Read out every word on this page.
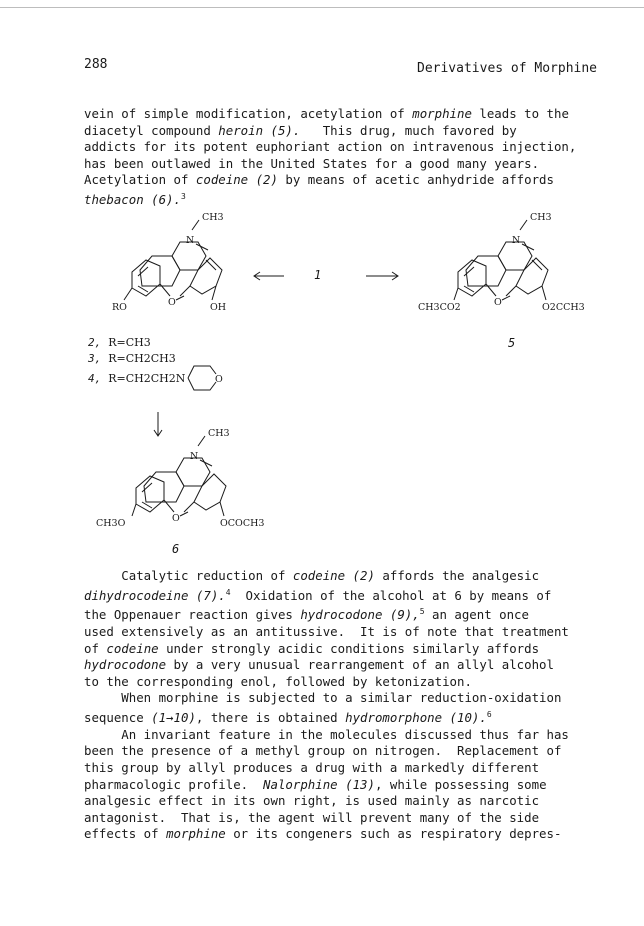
288	Derivatives of Morphine

vein of simple modification, acetylation of morphine leads to the
diacetyl compound heroin (5).   This drug, much favored by
addicts for its potent euphoriant action on intravenous injection,
has been outlawed in the United States for a good many years.
Acetylation of codeine (2) by means of acetic anhydride affords
thebacon (6).$^3$

CH3
N
O
RO	OH
1
CH3
N
O
CH3CO2	O2CCH3
5
2, R=CH3
3, R=CH2CH3
4, R=CH2CH2N	O
CH3
N
O
CH3O	OCOCH3
6

Catalytic reduction of codeine (2) affords the analgesic
dihydrocodeine (7).$^4$  Oxidation of the alcohol at 6 by means of
the Oppenauer reaction gives hydrocodone (9),$^5$ an agent once
used extensively as an antitussive.  It is of note that treatment
of codeine under strongly acidic conditions similarly affords
hydrocodone by a very unusual rearrangement of an allyl alcohol
to the corresponding enol, followed by ketonization.
When morphine is subjected to a similar reduction-oxidation
sequence (1→10), there is obtained hydromorphone (10).$^6$
An invariant feature in the molecules discussed thus far has
been the presence of a methyl group on nitrogen.  Replacement of
this group by allyl produces a drug with a markedly different
pharmacologic profile.  Nalorphine (13), while possessing some
analgesic effect in its own right, is used mainly as narcotic
antagonist.  That is, the agent will prevent many of the side
effects of morphine or its congeners such as respiratory depres-
